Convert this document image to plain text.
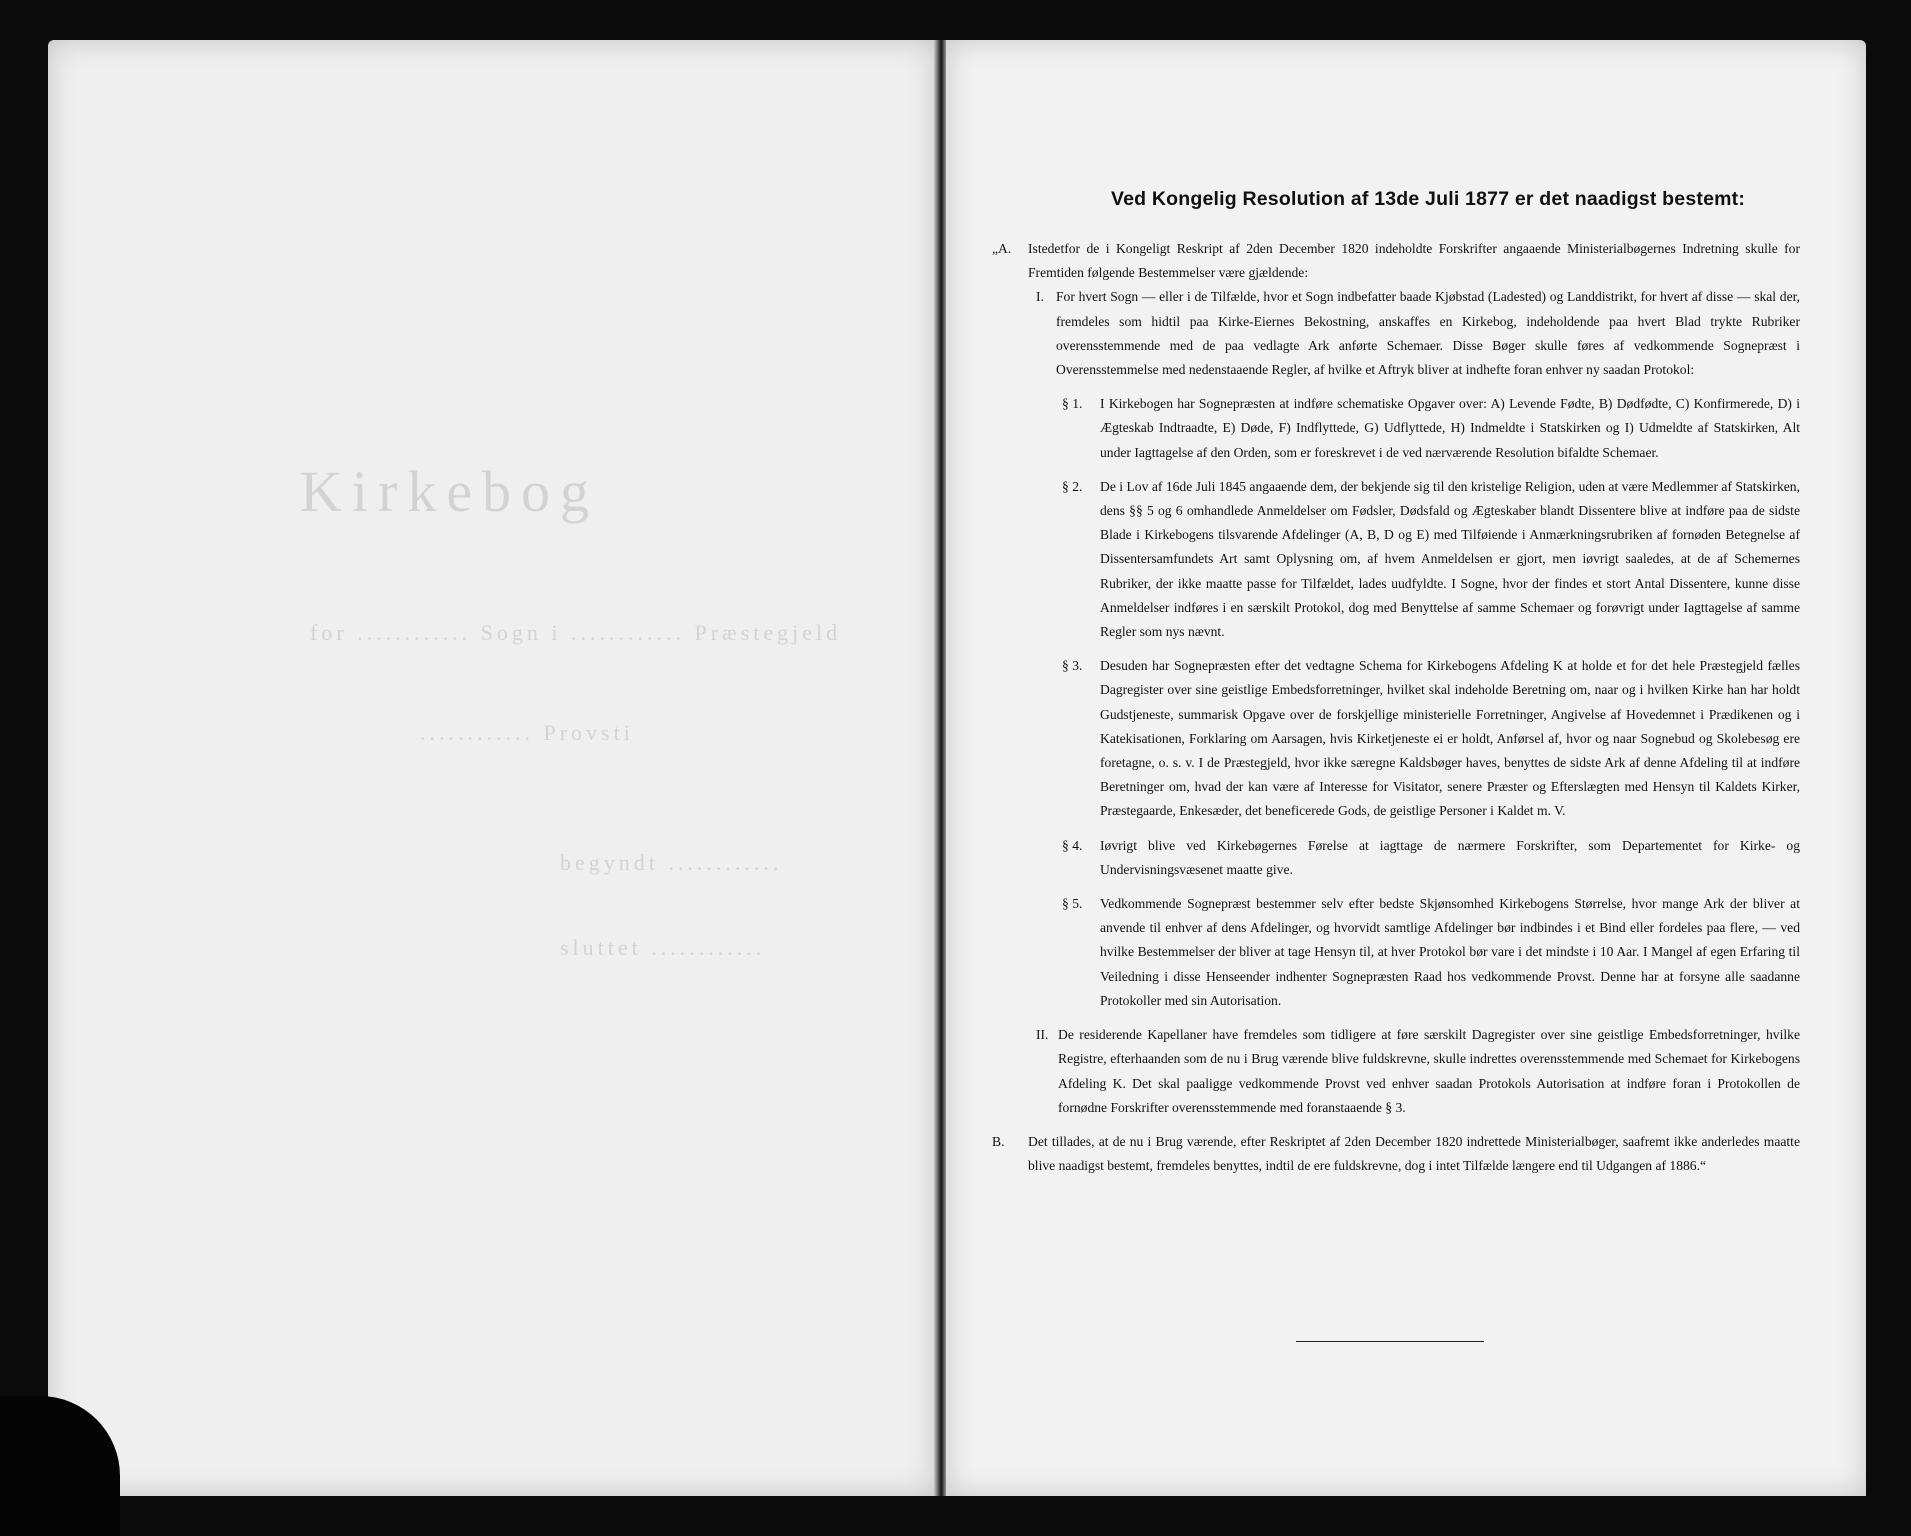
Kirkebog
for ............ Sogn i ............ Præstegjeld
............ Provsti
begyndt ............
sluttet ............
Ved Kongelig Resolution af 13de Juli 1877 er det naadigst bestemt:
„A.	Istedetfor de i Kongeligt Reskript af 2den December 1820 indeholdte Forskrifter angaaende Ministerialbøgernes Indretning skulle for Fremtiden følgende Bestemmelser være gjældende:
I. For hvert Sogn — eller i de Tilfælde, hvor et Sogn indbefatter baade Kjøbstad (Ladested) og Landdistrikt, for hvert af disse — skal der, fremdeles som hidtil paa Kirke-Eiernes Bekostning, anskaffes en Kirkebog, indeholdende paa hvert Blad trykte Rubriker overensstemmende med de paa vedlagte Ark anførte Schemaer. Disse Bøger skulle føres af vedkommende Sognepræst i Overensstemmelse med nedenstaaende Regler, af hvilke et Aftryk bliver at indhefte foran enhver ny saadan Protokol:
§ 1.	I Kirkebogen har Sognepræsten at indføre schematiske Opgaver over: A) Levende Fødte, B) Dødfødte, C) Konfirmerede, D) i Ægteskab Indtraadte, E) Døde, F) Indflyttede, G) Udflyttede, H) Indmeldte i Statskirken og I) Udmeldte af Statskirken, Alt under Iagttagelse af den Orden, som er foreskrevet i de ved nærværende Resolution bifaldte Schemaer.
§ 2.	De i Lov af 16de Juli 1845 angaaende dem, der bekjende sig til den kristelige Religion, uden at være Medlemmer af Statskirken, dens §§ 5 og 6 omhandlede Anmeldelser om Fødsler, Dødsfald og Ægteskaber blandt Dissentere blive at indføre paa de sidste Blade i Kirkebogens tilsvarende Afdelinger (A, B, D og E) med Tilføiende i Anmærkningsrubriken af fornøden Betegnelse af Dissentersamfundets Art samt Oplysning om, af hvem Anmeldelsen er gjort, men iøvrigt saaledes, at de af Schemernes Rubriker, der ikke maatte passe for Tilfældet, lades uudfyldte. I Sogne, hvor der findes et stort Antal Dissentere, kunne disse Anmeldelser indføres i en særskilt Protokol, dog med Benyttelse af samme Schemaer og forøvrigt under Iagttagelse af samme Regler som nys nævnt.
§ 3.	Desuden har Sognepræsten efter det vedtagne Schema for Kirkebogens Afdeling K at holde et for det hele Præstegjeld fælles Dagregister over sine geistlige Embedsforretninger, hvilket skal indeholde Beretning om, naar og i hvilken Kirke han har holdt Gudstjeneste, summarisk Opgave over de forskjellige ministerielle Forretninger, Angivelse af Hovedemnet i Prædikenen og i Katekisationen, Forklaring om Aarsagen, hvis Kirketjeneste ei er holdt, Anførsel af, hvor og naar Sognebud og Skolebesøg ere foretagne, o. s. v. I de Præstegjeld, hvor ikke særegne Kaldsbøger haves, benyttes de sidste Ark af denne Afdeling til at indføre Beretninger om, hvad der kan være af Interesse for Visitator, senere Præster og Efterslægten med Hensyn til Kaldets Kirker, Præstegaarde, Enkesæder, det beneficerede Gods, de geistlige Personer i Kaldet m. V.
§ 4.	Iøvrigt blive ved Kirkebøgernes Førelse at iagttage de nærmere Forskrifter, som Departementet for Kirke- og Undervisningsvæsenet maatte give.
§ 5.	Vedkommende Sognepræst bestemmer selv efter bedste Skjønsomhed Kirkebogens Størrelse, hvor mange Ark der bliver at anvende til enhver af dens Afdelinger, og hvorvidt samtlige Afdelinger bør indbindes i et Bind eller fordeles paa flere, — ved hvilke Bestemmelser der bliver at tage Hensyn til, at hver Protokol bør vare i det mindste i 10 Aar. I Mangel af egen Erfaring til Veiledning i disse Henseender indhenter Sognepræsten Raad hos vedkommende Provst. Denne har at forsyne alle saadanne Protokoller med sin Autorisation.
II. De residerende Kapellaner have fremdeles som tidligere at føre særskilt Dagregister over sine geistlige Embedsforretninger, hvilke Registre, efterhaanden som de nu i Brug værende blive fuldskrevne, skulle indrettes overensstemmende med Schemaet for Kirkebogens Afdeling K. Det skal paaligge vedkommende Provst ved enhver saadan Protokols Autorisation at indføre foran i Protokollen de fornødne Forskrifter overensstemmende med foranstaaende § 3.
B.	Det tillades, at de nu i Brug værende, efter Reskriptet af 2den December 1820 indrettede Ministerialbøger, saafremt ikke anderledes maatte blive naadigst bestemt, fremdeles benyttes, indtil de ere fuldskrevne, dog i intet Tilfælde længere end til Udgangen af 1886.“
